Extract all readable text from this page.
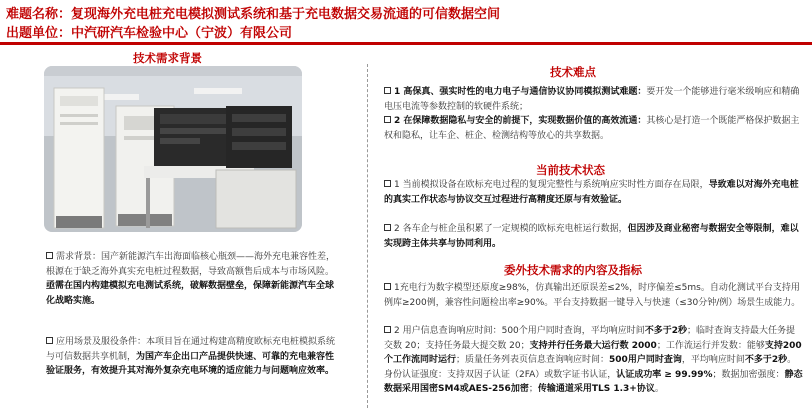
难题名称：复现海外充电桩充电模拟测试系统和基于充电数据交易流通的可信数据空间
出题单位：中汽研汽车检验中心（宁波）有限公司
技术需求背景
需求背景：国产新能源汽车出海面临核心瓶颈——海外充电兼容性差，根源在于缺乏海外真实充电桩过程数据，导致高额售后成本与市场风险。亟需在国内构建模拟充电测试系统，破解数据壁垒，保障新能源汽车全球化战略实施。
应用场景及服役条件：本项目旨在通过构建高精度欧标充电桩模拟系统与可信数据共享机制，为国产车企出口产品提供快速、可靠的充电兼容性验证服务，有效提升其对海外复杂充电环境的适应能力与问题响应效率。
技术难点
1 高保真、强实时性的电力电子与通信协议协同模拟测试难题：要开发一个能够进行毫米级响应和精确电压电流等参数控制的软硬件系统；
2 在保障数据隐私与安全的前提下，实现数据价值的高效流通：其核心是打造一个既能严格保护数据主权和隐私，让车企、桩企、检测结构等放心的共享数据。
当前技术状态
1 当前模拟设备在欧标充电过程的复现完整性与系统响应实时性方面存在局限，导致难以对海外充电桩的真实工作状态与协议交互过程进行高精度还原与有效验证。
2 各车企与桩企虽积累了一定规模的欧标充电桩运行数据，但因涉及商业秘密与数据安全等限制，难以实现跨主体共享与协同利用。
委外技术需求的内容及指标
1充电行为数字模型还原度≥98%，仿真输出还原误差≤2%，时序偏差≤5ms。自动化测试平台支持用例库≥200例，兼容性问题检出率≥90%。平台支持数据一键导入与快速（≤30分钟/例）场景生成能力。
2 用户信息查询响应时间：500个用户同时查询，平均响应时间不多于2秒；临时查询支持最大任务提交数 20；支持任务最大提交数 20；支持并行任务最大运行数 2000；工作流运行并发数：能够支持200个工作流同时运行；质量任务列表页信息查询响应时间：500用户同时查询，平均响应时间不多于2秒。身份认证强度：支持双因子认证（2FA）或数字证书认证，认证成功率 ≥ 99.99%；数据加密强度：静态数据采用国密SM4或AES-256加密；传输通道采用TLS 1.3+协议。
